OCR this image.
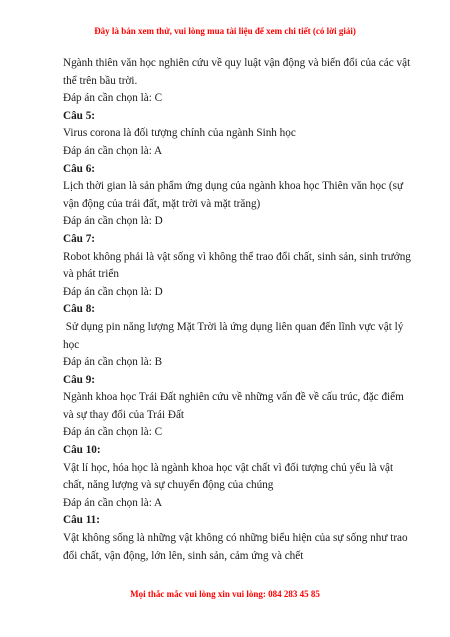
Đây là bản xem thử, vui lòng mua tài liệu để xem chi tiết (có lời giải)

Ngành thiên văn học nghiên cứu về quy luật vận động và biến đổi của các vật thể trên bầu trời.

Đáp án cần chọn là: C

Câu 5:

Virus corona là đối tượng chính của ngành Sinh học

Đáp án cần chọn là: A

Câu 6:

Lịch thời gian là sản phẩm ứng dụng của ngành khoa học Thiên văn học (sự vận động của trái đất, mặt trời và mặt trăng)

Đáp án cần chọn là: D

Câu 7:

Robot không phải là vật sống vì không thể trao đổi chất, sinh sản, sinh trưởng và phát triển

Đáp án cần chọn là: D

Câu 8:

Sử dụng pin năng lượng Mặt Trời là ứng dụng liên quan đến lĩnh vực vật lý học

Đáp án cần chọn là: B

Câu 9:

Ngành khoa học Trái Đất nghiên cứu về những vấn đề về cấu trúc, đặc điểm và sự thay đổi của Trái Đất

Đáp án cần chọn là: C

Câu 10:

Vật lí học, hóa học là ngành khoa học vật chất vì đối tượng chủ yếu là vật chất, năng lượng và sự chuyển động của chúng

Đáp án cần chọn là: A

Câu 11:

Vật không sống là những vật không có những biểu hiện của sự sống như trao đổi chất, vận động, lớn lên, sinh sản, cảm ứng và chết

Mọi thắc mắc vui lòng xin vui lòng: 084 283 45 85
